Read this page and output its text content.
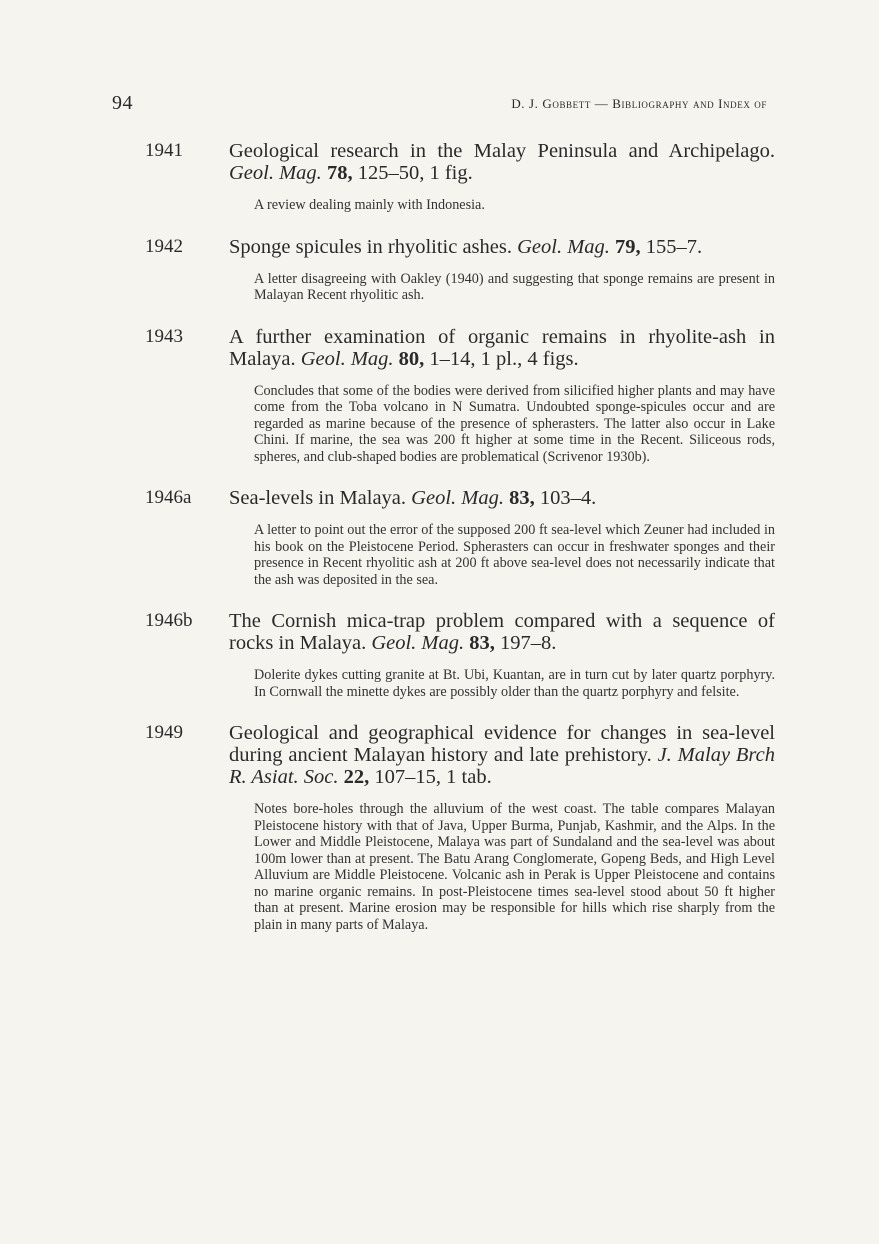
94	D. J. Gobbett — Bibliography and Index of
1941	Geological research in the Malay Peninsula and Archipelago. Geol. Mag. 78, 125–50, 1 fig.
A review dealing mainly with Indonesia.
1942	Sponge spicules in rhyolitic ashes. Geol. Mag. 79, 155–7.
A letter disagreeing with Oakley (1940) and suggesting that sponge remains are present in Malayan Recent rhyolitic ash.
1943	A further examination of organic remains in rhyolite-ash in Malaya. Geol. Mag. 80, 1–14, 1 pl., 4 figs.
Concludes that some of the bodies were derived from silicified higher plants and may have come from the Toba volcano in N Sumatra. Undoubted sponge-spicules occur and are regarded as marine because of the presence of spherasters. The latter also occur in Lake Chini. If marine, the sea was 200 ft higher at some time in the Recent. Siliceous rods, spheres, and club-shaped bodies are problematical (Scrivenor 1930b).
1946a	Sea-levels in Malaya. Geol. Mag. 83, 103–4.
A letter to point out the error of the supposed 200 ft sea-level which Zeuner had included in his book on the Pleistocene Period. Spherasters can occur in freshwater sponges and their presence in Recent rhyolitic ash at 200 ft above sea-level does not necessarily indicate that the ash was deposited in the sea.
1946b	The Cornish mica-trap problem compared with a sequence of rocks in Malaya. Geol. Mag. 83, 197–8.
Dolerite dykes cutting granite at Bt. Ubi, Kuantan, are in turn cut by later quartz porphyry. In Cornwall the minette dykes are possibly older than the quartz porphyry and felsite.
1949	Geological and geographical evidence for changes in sea-level during ancient Malayan history and late prehistory. J. Malay Brch R. Asiat. Soc. 22, 107–15, 1 tab.
Notes bore-holes through the alluvium of the west coast. The table compares Malayan Pleistocene history with that of Java, Upper Burma, Punjab, Kashmir, and the Alps. In the Lower and Middle Pleistocene, Malaya was part of Sundaland and the sea-level was about 100m lower than at present. The Batu Arang Conglomerate, Gopeng Beds, and High Level Alluvium are Middle Pleistocene. Volcanic ash in Perak is Upper Pleistocene and contains no marine organic remains. In post-Pleistocene times sea-level stood about 50 ft higher than at present. Marine erosion may be responsible for hills which rise sharply from the plain in many parts of Malaya.
